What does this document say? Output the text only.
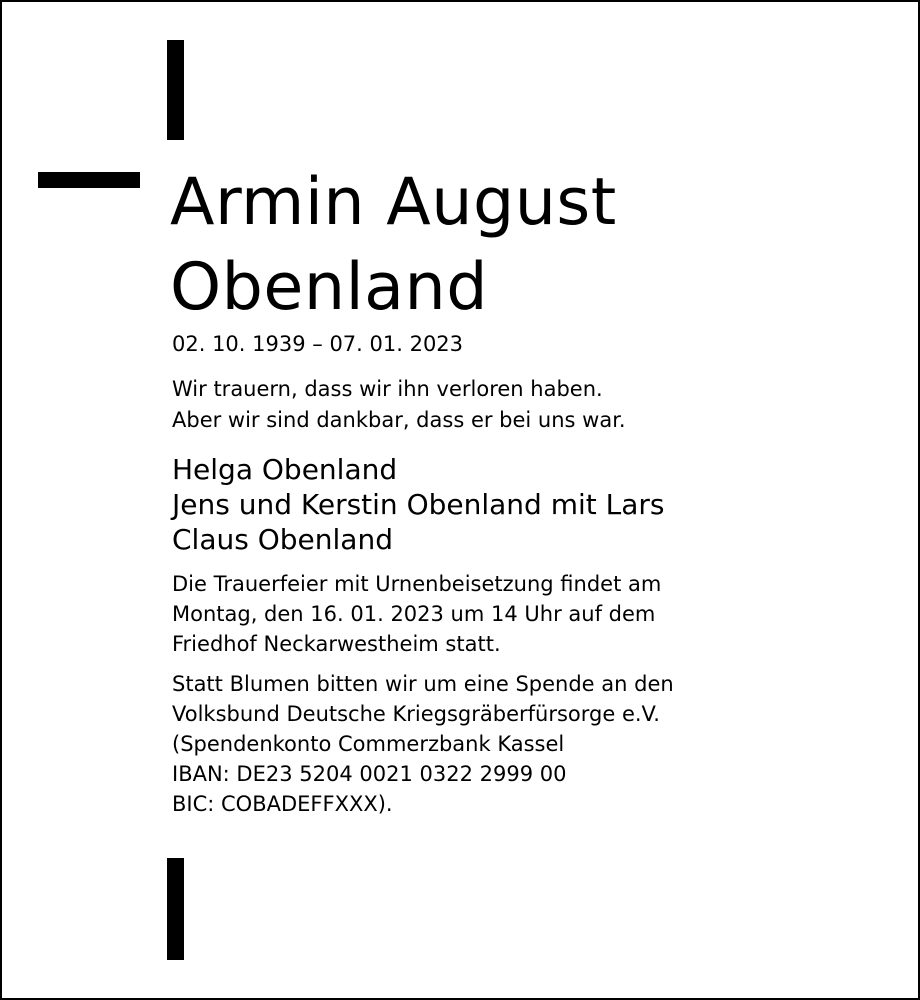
Armin August
Obenland

02. 10. 1939 – 07. 01. 2023

Wir trauern, dass wir ihn verloren haben.
Aber wir sind dankbar, dass er bei uns war.
Helga Obenland
Jens und Kerstin Obenland mit Lars
Claus Obenland
Die Trauerfeier mit Urnenbeisetzung findet am
Montag, den 16. 01. 2023 um 14 Uhr auf dem
Friedhof Neckarwestheim statt.
Statt Blumen bitten wir um eine Spende an den
Volksbund Deutsche Kriegsgräberfürsorge e.V.
(Spendenkonto Commerzbank Kassel
IBAN: DE23 5204 0021 0322 2999 00
BIC: COBADEFFXXX).
